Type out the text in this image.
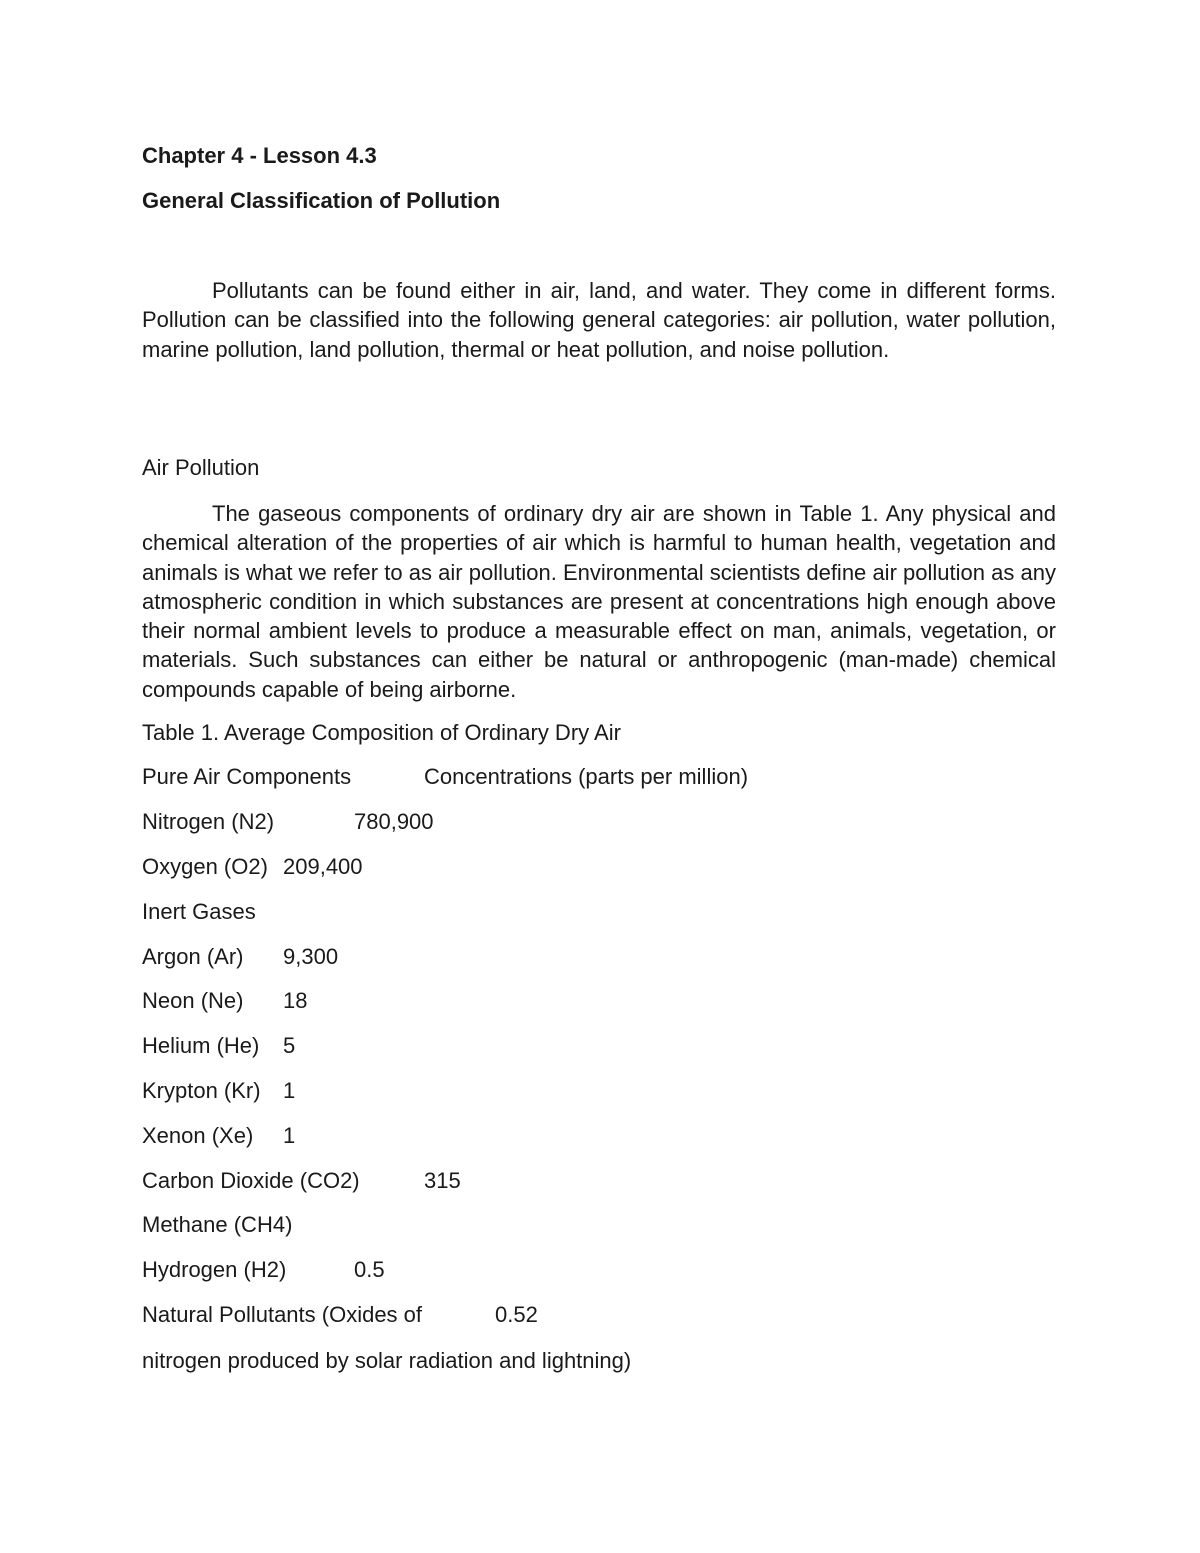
Chapter 4 - Lesson 4.3
General Classification of Pollution

Pollutants can be found either in air, land, and water. They come in different forms. Pollution can be classified into the following general categories: air pollution, water pollution, marine pollution, land pollution, thermal or heat pollution, and noise pollution.

Air Pollution

The gaseous components of ordinary dry air are shown in Table 1. Any physical and chemical alteration of the properties of air which is harmful to human health, vegetation and animals is what we refer to as air pollution. Environmental scientists define air pollution as any atmospheric condition in which substances are present at concentrations high enough above their normal ambient levels to produce a measurable effect on man, animals, vegetation, or materials. Such substances can either be natural or anthropogenic (man-made) chemical compounds capable of being airborne.

Table 1. Average Composition of Ordinary Dry Air
Pure Air Components	Concentrations (parts per million)
Nitrogen (N2)	780,900
Oxygen (O2) 209,400
Inert Gases
Argon (Ar) 9,300
Neon (Ne) 18
Helium (He) 5
Krypton (Kr) 1
Xenon (Xe) 1
Carbon Dioxide (CO2)	315
Methane (CH4)
Hydrogen (H2)	0.5
Natural Pollutants (Oxides of	0.52
nitrogen produced by solar radiation and lightning)
